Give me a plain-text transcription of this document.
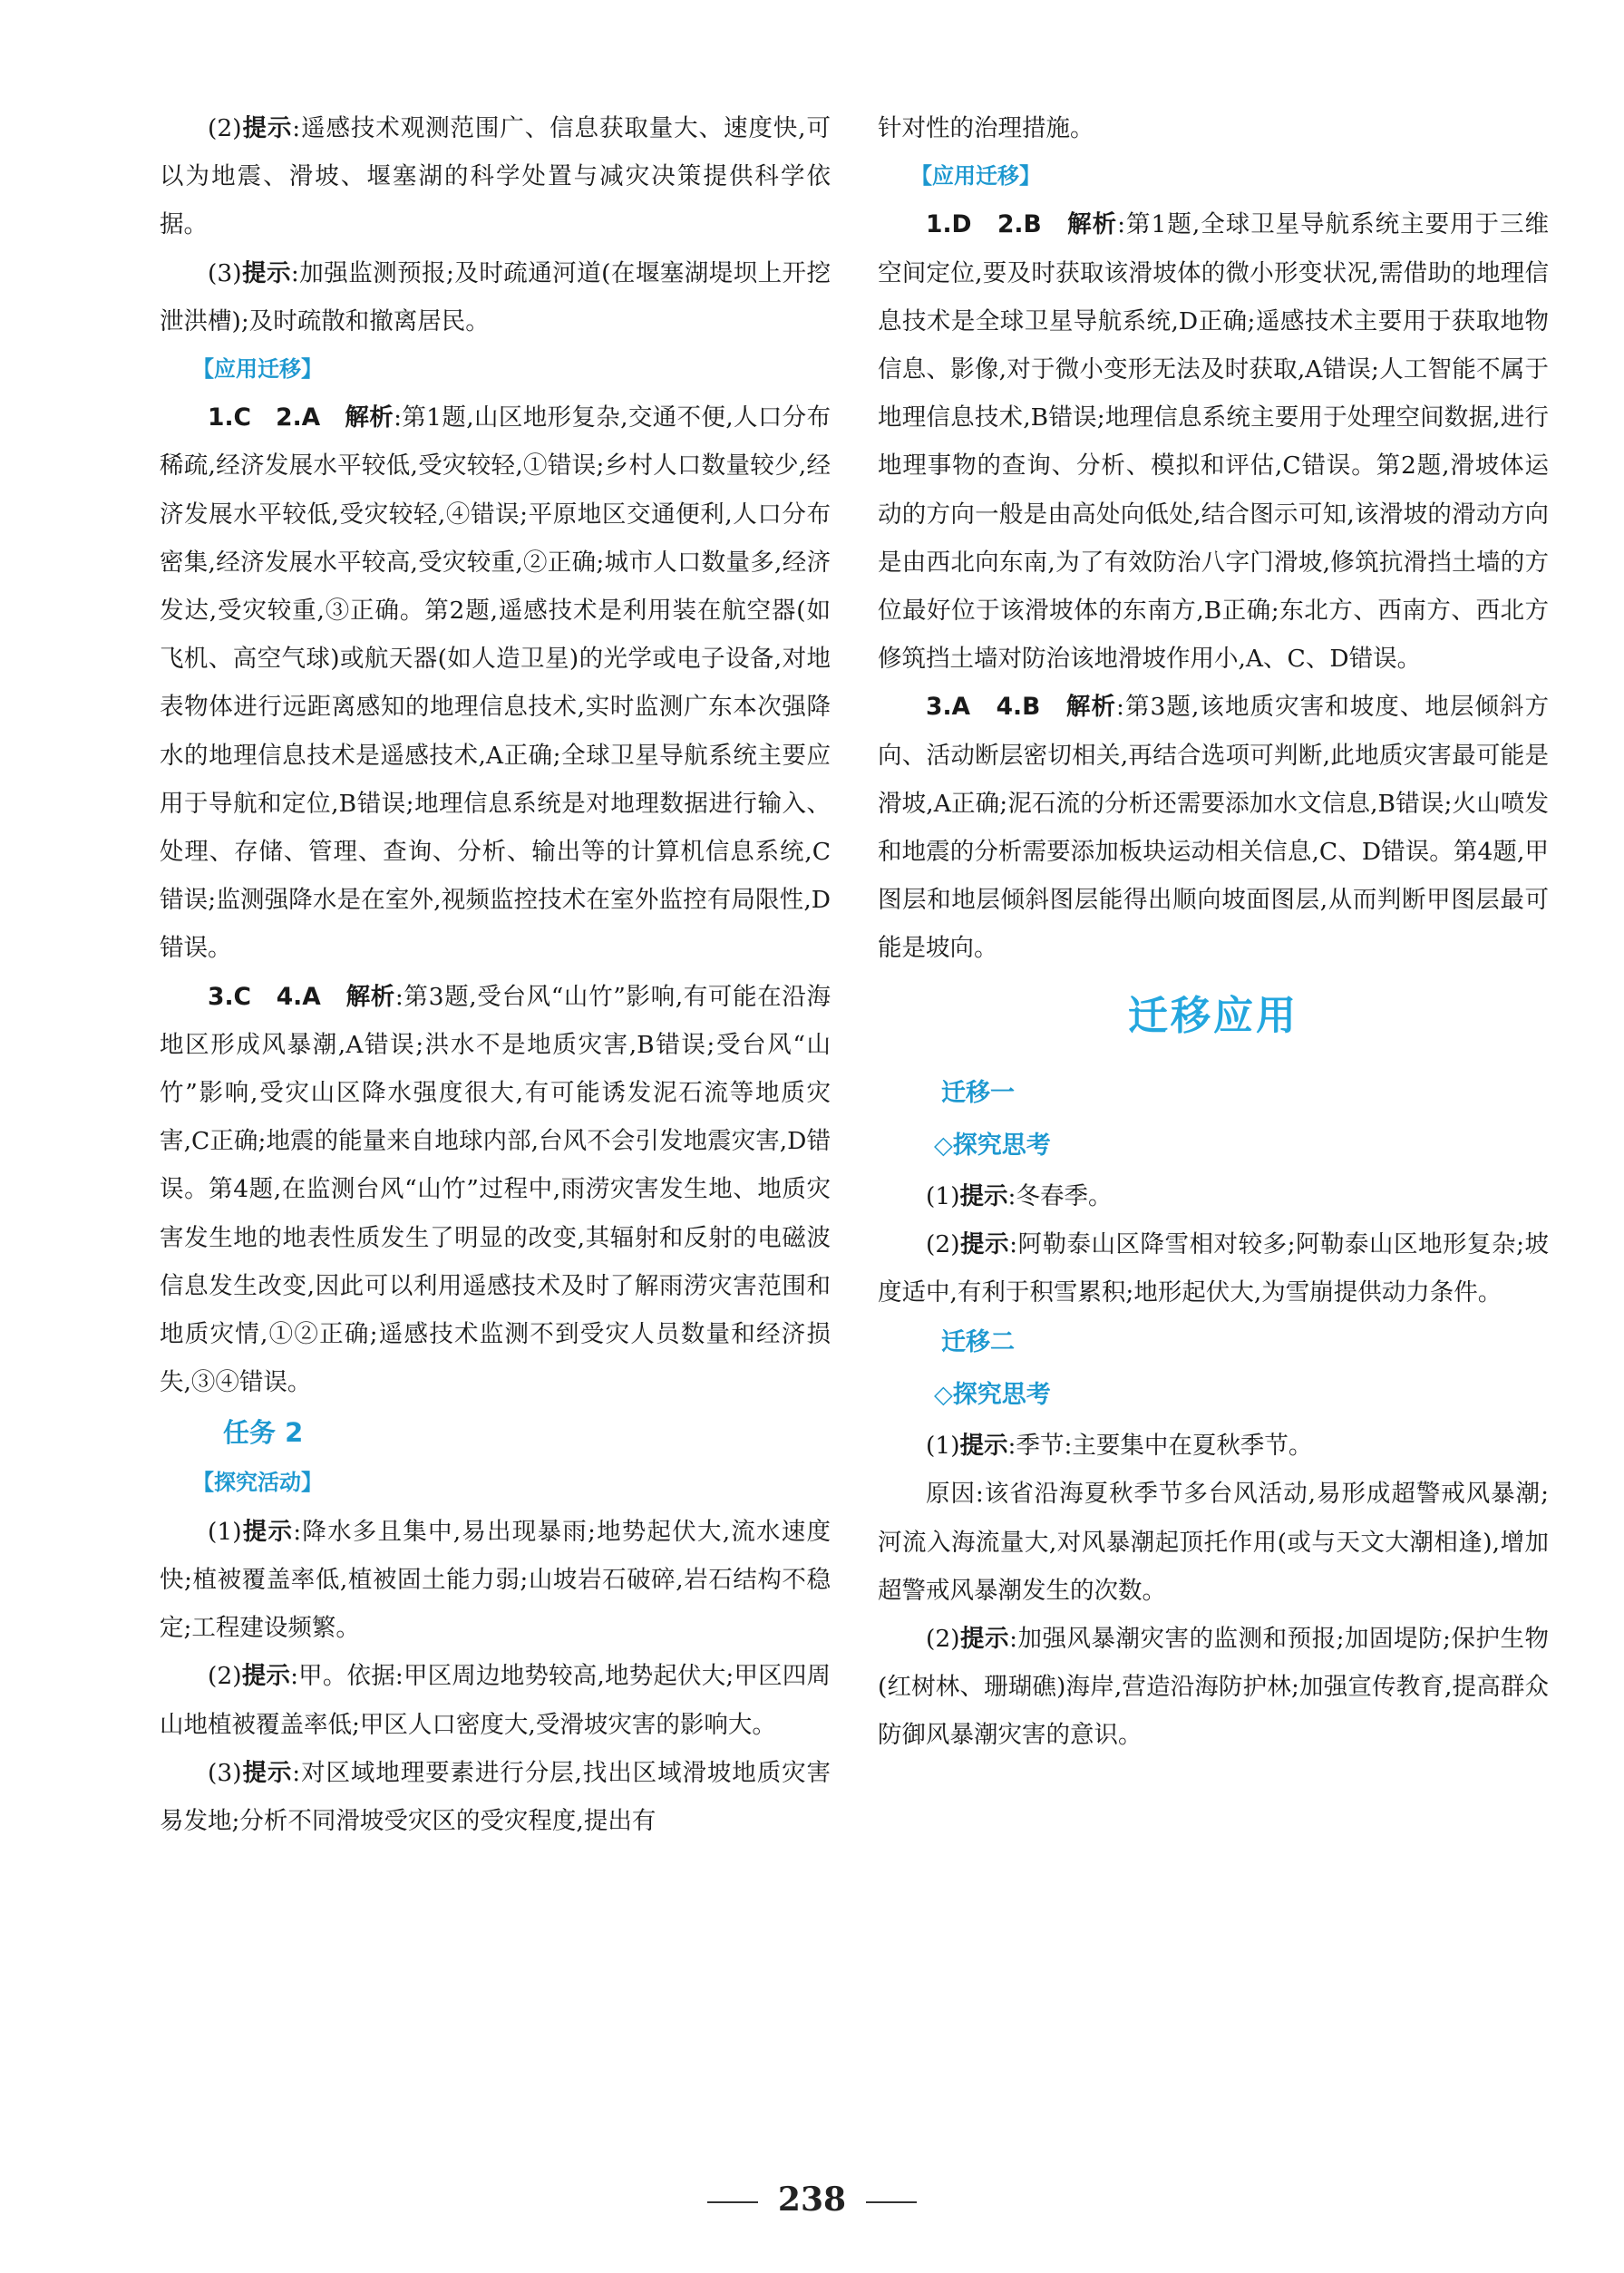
(2)提示:遥感技术观测范围广、信息获取量大、速度快,可以为地震、滑坡、堰塞湖的科学处置与减灾决策提供科学依据。

(3)提示:加强监测预报;及时疏通河道(在堰塞湖堤坝上开挖泄洪槽);及时疏散和撤离居民。

【应用迁移】

1.C　2.A　解析:第1题,山区地形复杂,交通不便,人口分布稀疏,经济发展水平较低,受灾较轻,①错误;乡村人口数量较少,经济发展水平较低,受灾较轻,④错误;平原地区交通便利,人口分布密集,经济发展水平较高,受灾较重,②正确;城市人口数量多,经济发达,受灾较重,③正确。第2题,遥感技术是利用装在航空器(如飞机、高空气球)或航天器(如人造卫星)的光学或电子设备,对地表物体进行远距离感知的地理信息技术,实时监测广东本次强降水的地理信息技术是遥感技术,A正确;全球卫星导航系统主要应用于导航和定位,B错误;地理信息系统是对地理数据进行输入、处理、存储、管理、查询、分析、输出等的计算机信息系统,C错误;监测强降水是在室外,视频监控技术在室外监控有局限性,D错误。

3.C　4.A　解析:第3题,受台风“山竹”影响,有可能在沿海地区形成风暴潮,A错误;洪水不是地质灾害,B错误;受台风“山竹”影响,受灾山区降水强度很大,有可能诱发泥石流等地质灾害,C正确;地震的能量来自地球内部,台风不会引发地震灾害,D错误。第4题,在监测台风“山竹”过程中,雨涝灾害发生地、地质灾害发生地的地表性质发生了明显的改变,其辐射和反射的电磁波信息发生改变,因此可以利用遥感技术及时了解雨涝灾害范围和地质灾情,①②正确;遥感技术监测不到受灾人员数量和经济损失,③④错误。

任务 2

【探究活动】

(1)提示:降水多且集中,易出现暴雨;地势起伏大,流水速度快;植被覆盖率低,植被固土能力弱;山坡岩石破碎,岩石结构不稳定;工程建设频繁。

(2)提示:甲。依据:甲区周边地势较高,地势起伏大;甲区四周山地植被覆盖率低;甲区人口密度大,受滑坡灾害的影响大。

(3)提示:对区域地理要素进行分层,找出区域滑坡地质灾害易发地;分析不同滑坡受灾区的受灾程度,提出有

针对性的治理措施。

【应用迁移】

1.D　2.B　解析:第1题,全球卫星导航系统主要用于三维空间定位,要及时获取该滑坡体的微小形变状况,需借助的地理信息技术是全球卫星导航系统,D正确;遥感技术主要用于获取地物信息、影像,对于微小变形无法及时获取,A错误;人工智能不属于地理信息技术,B错误;地理信息系统主要用于处理空间数据,进行地理事物的查询、分析、模拟和评估,C错误。第2题,滑坡体运动的方向一般是由高处向低处,结合图示可知,该滑坡的滑动方向是由西北向东南,为了有效防治八字门滑坡,修筑抗滑挡土墙的方位最好位于该滑坡体的东南方,B正确;东北方、西南方、西北方修筑挡土墙对防治该地滑坡作用小,A、C、D错误。

3.A　4.B　解析:第3题,该地质灾害和坡度、地层倾斜方向、活动断层密切相关,再结合选项可判断,此地质灾害最可能是滑坡,A正确;泥石流的分析还需要添加水文信息,B错误;火山喷发和地震的分析需要添加板块运动相关信息,C、D错误。第4题,甲图层和地层倾斜图层能得出顺向坡面图层,从而判断甲图层最可能是坡向。

迁移应用

迁移一

◇探究思考

(1)提示:冬春季。

(2)提示:阿勒泰山区降雪相对较多;阿勒泰山区地形复杂;坡度适中,有利于积雪累积;地形起伏大,为雪崩提供动力条件。

迁移二

◇探究思考

(1)提示:季节:主要集中在夏秋季节。

原因:该省沿海夏秋季节多台风活动,易形成超警戒风暴潮;河流入海流量大,对风暴潮起顶托作用(或与天文大潮相逢),增加超警戒风暴潮发生的次数。

(2)提示:加强风暴潮灾害的监测和预报;加固堤防;保护生物(红树林、珊瑚礁)海岸,营造沿海防护林;加强宣传教育,提高群众防御风暴潮灾害的意识。

238
